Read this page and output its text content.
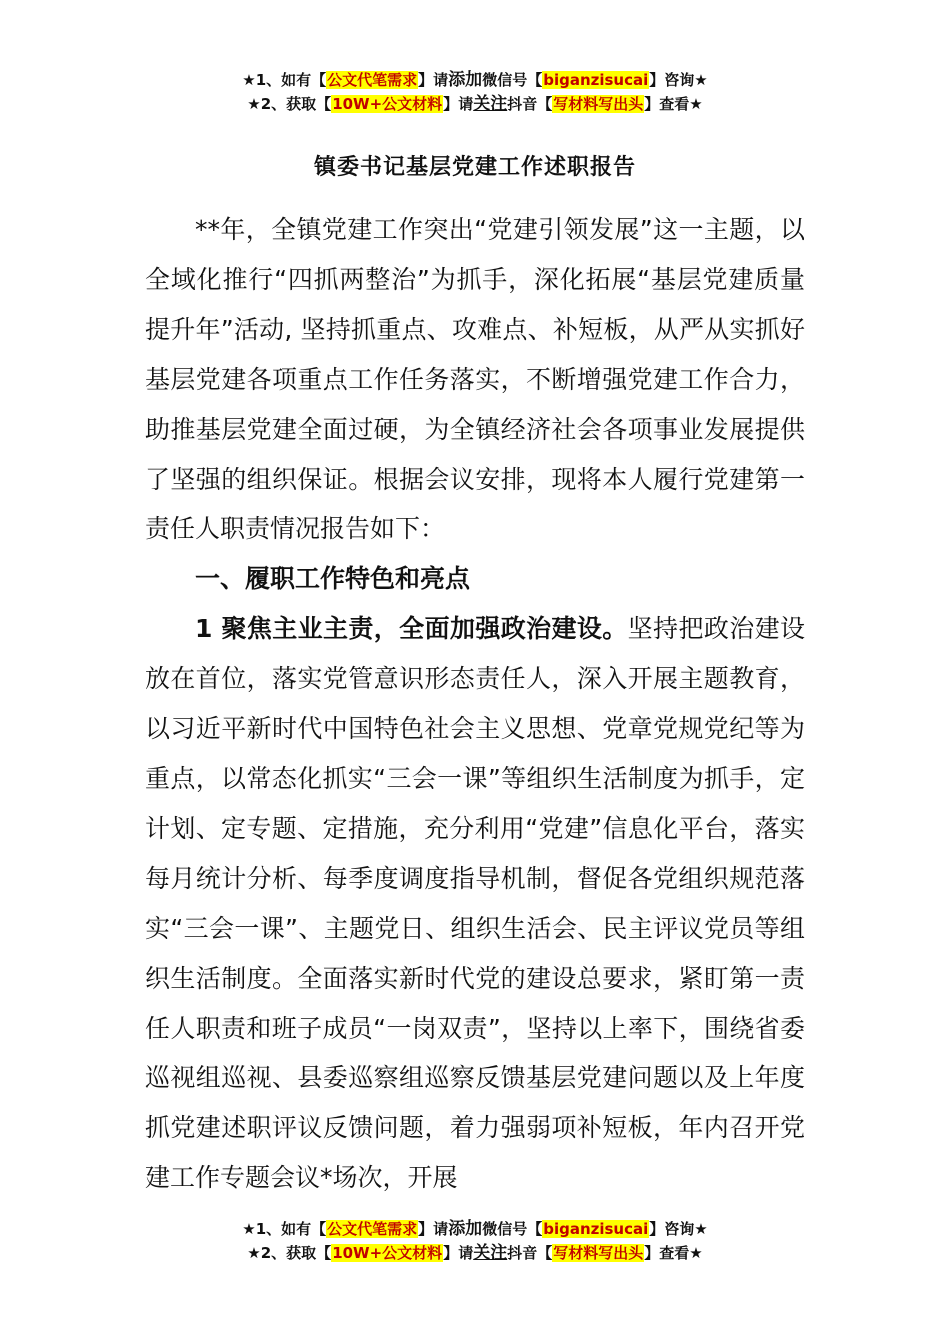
★1、如有【公文代笔需求】请添加微信号【biganzisucai】咨询★
★2、获取【10W+公文材料】请关注抖音【写材料写出头】查看★
镇委书记基层党建工作述职报告

**年，全镇党建工作突出“党建引领发展”这一主题，以全域化推行“四抓两整治”为抓手，深化拓展“基层党建质量提升年”活动, 坚持抓重点、攻难点、补短板，从严从实抓好基层党建各项重点工作任务落实，不断增强党建工作合力，助推基层党建全面过硬，为全镇经济社会各项事业发展提供了坚强的组织保证。根据会议安排，现将本人履行党建第一责任人职责情况报告如下：

一、履职工作特色和亮点

1 聚焦主业主责，全面加强政治建设。坚持把政治建设放在首位，落实党管意识形态责任人，深入开展主题教育，以习近平新时代中国特色社会主义思想、党章党规党纪等为重点，以常态化抓实“三会一课”等组织生活制度为抓手，定计划、定专题、定措施，充分利用“党建”信息化平台，落实每月统计分析、每季度调度指导机制，督促各党组织规范落实“三会一课”、主题党日、组织生活会、民主评议党员等组织生活制度。全面落实新时代党的建设总要求，紧盯第一责任人职责和班子成员“一岗双责”，坚持以上率下，围绕省委巡视组巡视、县委巡察组巡察反馈基层党建问题以及上年度抓党建述职评议反馈问题，着力强弱项补短板，年内召开党建工作专题会议*场次，开展

★1、如有【公文代笔需求】请添加微信号【biganzisucai】咨询★
★2、获取【10W+公文材料】请关注抖音【写材料写出头】查看★
